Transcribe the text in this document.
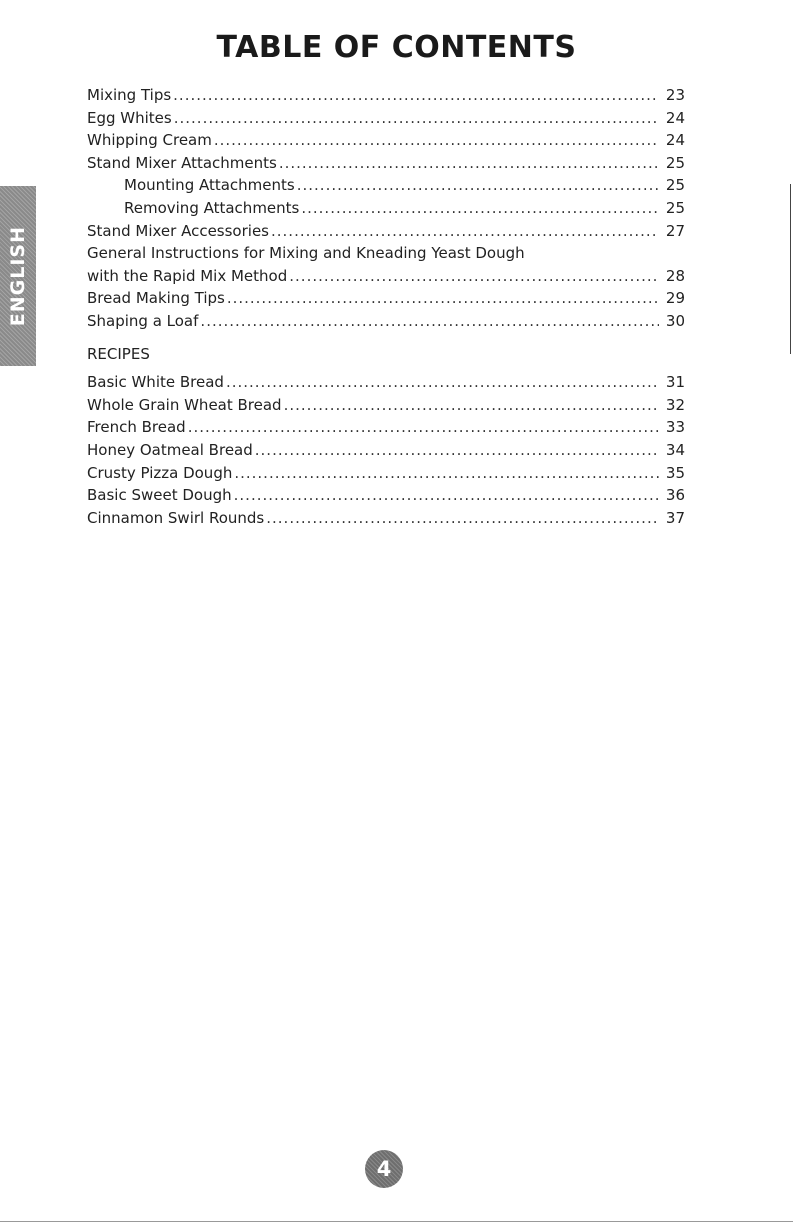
TABLE OF CONTENTS
ENGLISH
Mixing Tips .....	23
Egg Whites .....	24
Whipping Cream .....	24
Stand Mixer Attachments .....	25
Mounting Attachments .....	25
Removing Attachments .....	25
Stand Mixer Accessories .....	27
General Instructions for Mixing and Kneading Yeast Dough
with the Rapid Mix Method .....	28
Bread Making Tips .....	29
Shaping a Loaf .....	30
RECIPES
Basic White Bread .....	31
Whole Grain Wheat Bread .....	32
French Bread .....	33
Honey Oatmeal Bread .....	34
Crusty Pizza Dough .....	35
Basic Sweet Dough .....	36
Cinnamon Swirl Rounds .....	37
4
